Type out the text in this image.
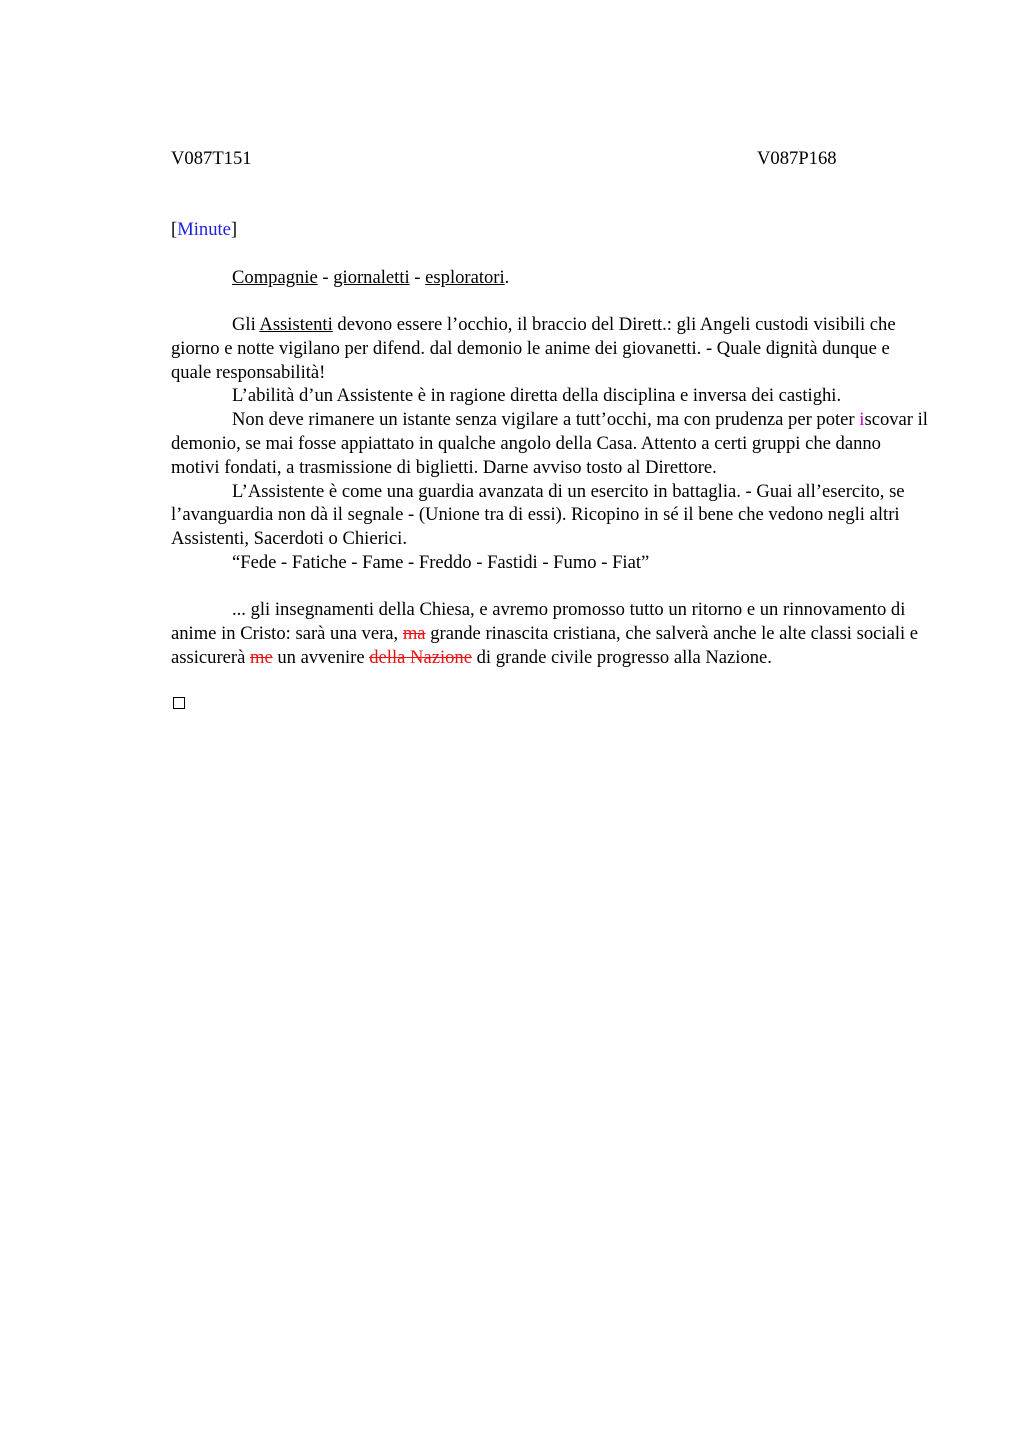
V087T151	V087P168
[Minute]
Compagnie - giornaletti - esploratori.

Gli Assistenti devono essere l’occhio, il braccio del Dirett.: gli Angeli custodi visibili che giorno e notte vigilano per difend. dal demonio le anime dei giovanetti. - Quale dignità dunque e quale responsabilità!

L’abilità d’un Assistente è in ragione diretta della disciplina e inversa dei castighi.

Non deve rimanere un istante senza vigilare a tutt’occhi, ma con prudenza per poter iscovar il demonio, se mai fosse appiattato in qualche angolo della Casa. Attento a certi gruppi che danno motivi fondati, a trasmissione di biglietti. Darne avviso tosto al Direttore.

L’Assistente è come una guardia avanzata di un esercito in battaglia. - Guai all’esercito, se l’avanguardia non dà il segnale - (Unione tra di essi). Ricopino in sé il bene che vedono negli altri Assistenti, Sacerdoti o Chierici.

“Fede - Fatiche - Fame - Freddo - Fastidi - Fumo - Fiat”

... gli insegnamenti della Chiesa, e avremo promosso tutto un ritorno e un rinnovamento di anime in Cristo: sarà una vera, ma grande rinascita cristiana, che salverà anche le alte classi sociali e assicurerà me un avvenire della Nazione di grande civile progresso alla Nazione.
